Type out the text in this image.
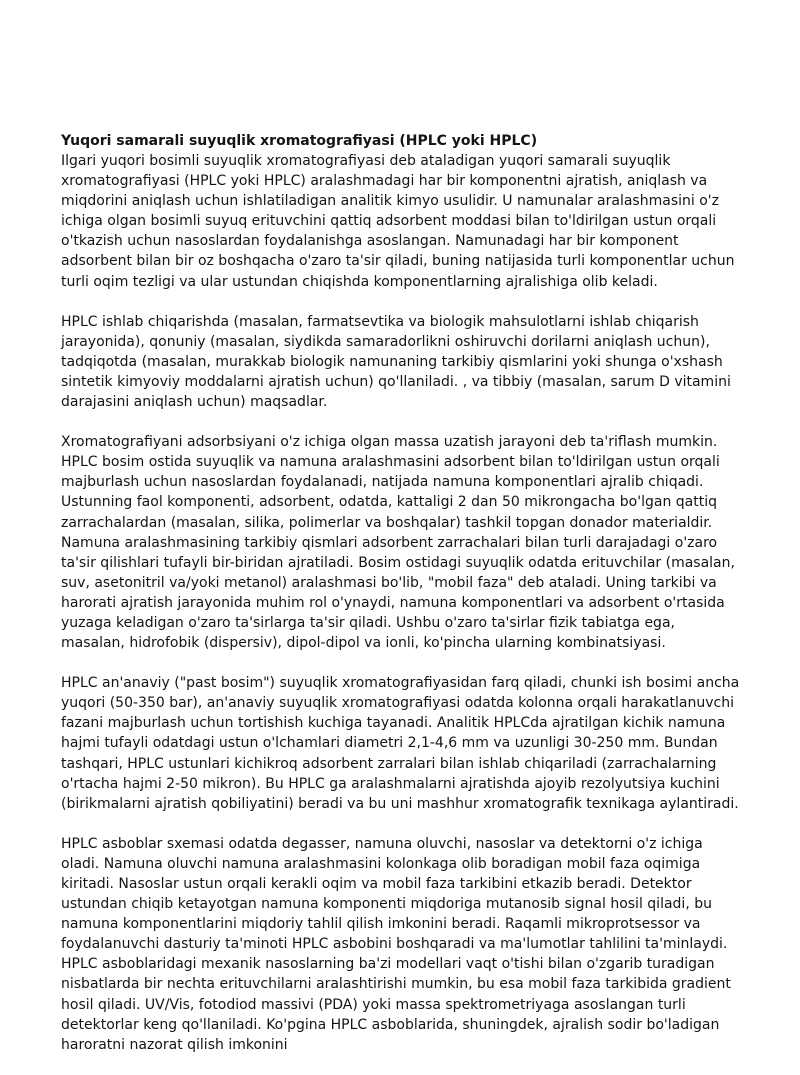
Yuqori samarali suyuqlik xromatografiyasi (HPLC yoki HPLC)

Ilgari yuqori bosimli suyuqlik xromatografiyasi deb ataladigan yuqori samarali suyuqlik xromatografiyasi (HPLC yoki HPLC) aralashmadagi har bir komponentni ajratish, aniqlash va miqdorini aniqlash uchun ishlatiladigan analitik kimyo usulidir. U namunalar aralashmasini o'z ichiga olgan bosimli suyuq erituvchini qattiq adsorbent moddasi bilan to'ldirilgan ustun orqali o'tkazish uchun nasoslardan foydalanishga asoslangan. Namunadagi har bir komponent adsorbent bilan bir oz boshqacha o'zaro ta'sir qiladi, buning natijasida turli komponentlar uchun turli oqim tezligi va ular ustundan chiqishda komponentlarning ajralishiga olib keladi.

HPLC ishlab chiqarishda (masalan, farmatsevtika va biologik mahsulotlarni ishlab chiqarish jarayonida), qonuniy (masalan, siydikda samaradorlikni oshiruvchi dorilarni aniqlash uchun), tadqiqotda (masalan, murakkab biologik namunaning tarkibiy qismlarini yoki shunga o'xshash sintetik kimyoviy moddalarni ajratish uchun) qo'llaniladi. , va tibbiy (masalan, sarum D vitamini darajasini aniqlash uchun) maqsadlar.

Xromatografiyani adsorbsiyani o'z ichiga olgan massa uzatish jarayoni deb ta'riflash mumkin. HPLC bosim ostida suyuqlik va namuna aralashmasini adsorbent bilan to'ldirilgan ustun orqali majburlash uchun nasoslardan foydalanadi, natijada namuna komponentlari ajralib chiqadi. Ustunning faol komponenti, adsorbent, odatda, kattaligi 2 dan 50 mikrongacha bo'lgan qattiq zarrachalardan (masalan, silika, polimerlar va boshqalar) tashkil topgan donador materialdir. Namuna aralashmasining tarkibiy qismlari adsorbent zarrachalari bilan turli darajadagi o'zaro ta'sir qilishlari tufayli bir-biridan ajratiladi. Bosim ostidagi suyuqlik odatda erituvchilar (masalan, suv, asetonitril va/yoki metanol) aralashmasi bo'lib, "mobil faza" deb ataladi. Uning tarkibi va harorati ajratish jarayonida muhim rol o'ynaydi, namuna komponentlari va adsorbent o'rtasida yuzaga keladigan o'zaro ta'sirlarga ta'sir qiladi. Ushbu o'zaro ta'sirlar fizik tabiatga ega, masalan, hidrofobik (dispersiv), dipol-dipol va ionli, ko'pincha ularning kombinatsiyasi.

HPLC an'anaviy ("past bosim") suyuqlik xromatografiyasidan farq qiladi, chunki ish bosimi ancha yuqori (50-350 bar), an'anaviy suyuqlik xromatografiyasi odatda kolonna orqali harakatlanuvchi fazani majburlash uchun tortishish kuchiga tayanadi. Analitik HPLCda ajratilgan kichik namuna hajmi tufayli odatdagi ustun o'lchamlari diametri 2,1-4,6 mm va uzunligi 30-250 mm. Bundan tashqari, HPLC ustunlari kichikroq adsorbent zarralari bilan ishlab chiqariladi (zarrachalarning o'rtacha hajmi 2-50 mikron). Bu HPLC ga aralashmalarni ajratishda ajoyib rezolyutsiya kuchini (birikmalarni ajratish qobiliyatini) beradi va bu uni mashhur xromatografik texnikaga aylantiradi.

HPLC asboblar sxemasi odatda degasser, namuna oluvchi, nasoslar va detektorni o'z ichiga oladi. Namuna oluvchi namuna aralashmasini kolonkaga olib boradigan mobil faza oqimiga kiritadi. Nasoslar ustun orqali kerakli oqim va mobil faza tarkibini etkazib beradi. Detektor ustundan chiqib ketayotgan namuna komponenti miqdoriga mutanosib signal hosil qiladi, bu namuna komponentlarini miqdoriy tahlil qilish imkonini beradi. Raqamli mikroprotsessor va foydalanuvchi dasturiy ta'minoti HPLC asbobini boshqaradi va ma'lumotlar tahlilini ta'minlaydi. HPLC asboblaridagi mexanik nasoslarning ba'zi modellari vaqt o'tishi bilan o'zgarib turadigan nisbatlarda bir nechta erituvchilarni aralashtirishi mumkin, bu esa mobil faza tarkibida gradient hosil qiladi. UV/Vis, fotodiod massivi (PDA) yoki massa spektrometriyaga asoslangan turli detektorlar keng qo'llaniladi. Ko'pgina HPLC asboblarida, shuningdek, ajralish sodir bo'ladigan haroratni nazorat qilish imkonini
